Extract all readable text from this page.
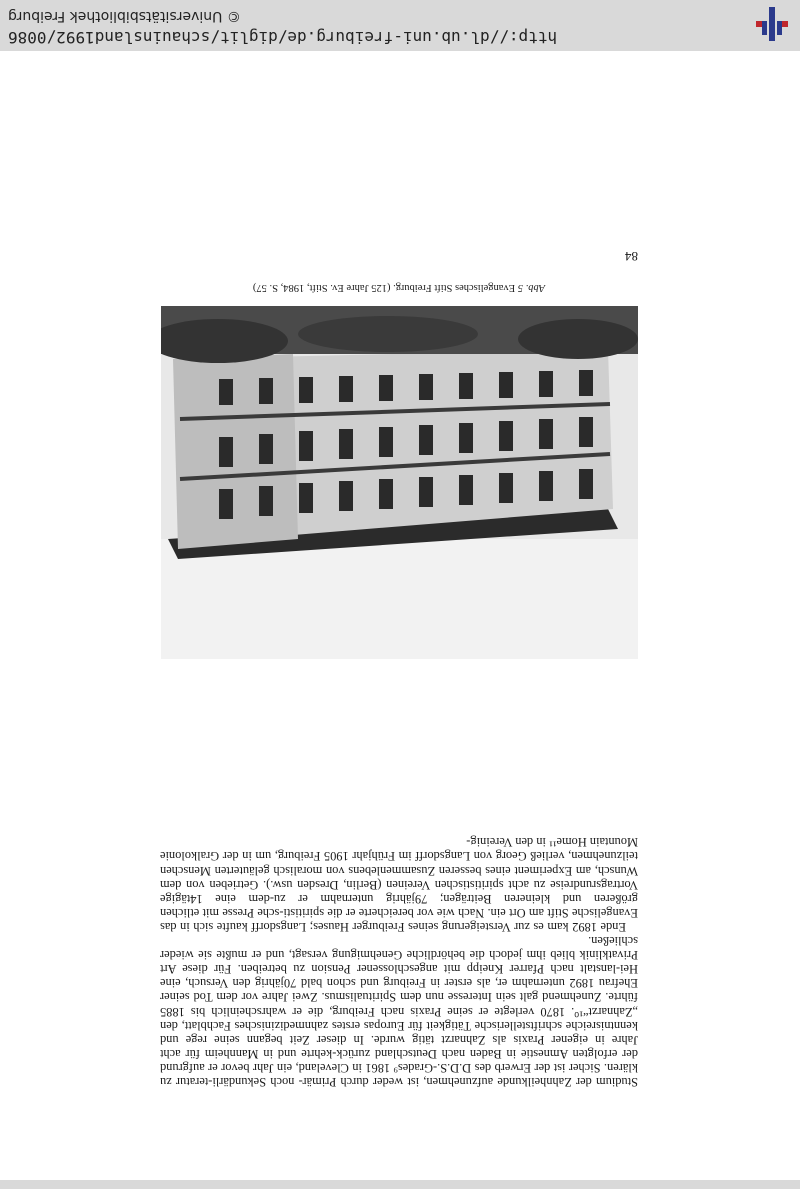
Studium der Zahnheilkunde aufzunehmen, ist weder durch Primär- noch Sekundärli-teratur zu klären. Sicher ist der Erwerb des D.D.S.-Grades⁹ 1861 in Cleveland, ein Jahr bevor er aufgrund der erfolgten Amnestie in Baden nach Deutschland zurück-kehrte und in Mannheim für acht Jahre in eigener Praxis als Zahnarzt tätig wurde. In dieser Zeit begann seine rege und kenntnisreiche schriftstellerische Tätigkeit für Europas erstes zahnmedizinisches Fachblatt, den „Zahnarzt“¹⁰. 1870 verlegte er seine Praxis nach Freiburg, die er wahrscheinlich bis 1885 führte. Zunehmend galt sein Interesse nun dem Spiritualismus. Zwei Jahre vor dem Tod seiner Ehefrau 1892 unternahm er, als erster in Freiburg und schon bald 70jährig den Versuch, eine Hei-lanstalt nach Pfarrer Kneipp mit angeschlossener Pension zu betreiben. Für diese Art Privatklinik blieb ihm jedoch die behördliche Genehmigung versagt, und er mußte sie wieder schließen.

Ende 1892 kam es zur Versteigerung seines Freiburger Hauses; Langsdorff kaufte sich in das Evangelische Stift am Ort ein. Nach wie vor bereicherte er die spiritisti-sche Presse mit etlichen größeren und kleineren Beiträgen; 79jährig unternahm er zu-dem eine 14tägige Vortragsrundreise zu acht spiritistischen Vereinen (Berlin, Dresden usw.). Getrieben von dem Wunsch, am Experiment eines besseren Zusammenlebens von moralisch geläuterten Menschen teilzunehmen, verließ Georg von Langsdorff im Frühjahr 1905 Freiburg, um in der Gralkolonie Mountain Home¹¹ in den Vereinig-

Abb. 5 Evangelisches Stift Freiburg. (125 Jahre Ev. Stift, 1984, S. 57)
84
http://dl.ub.uni-freiburg.de/diglit/schauinsland1992/0086
© Universitätsbibliothek Freiburg
